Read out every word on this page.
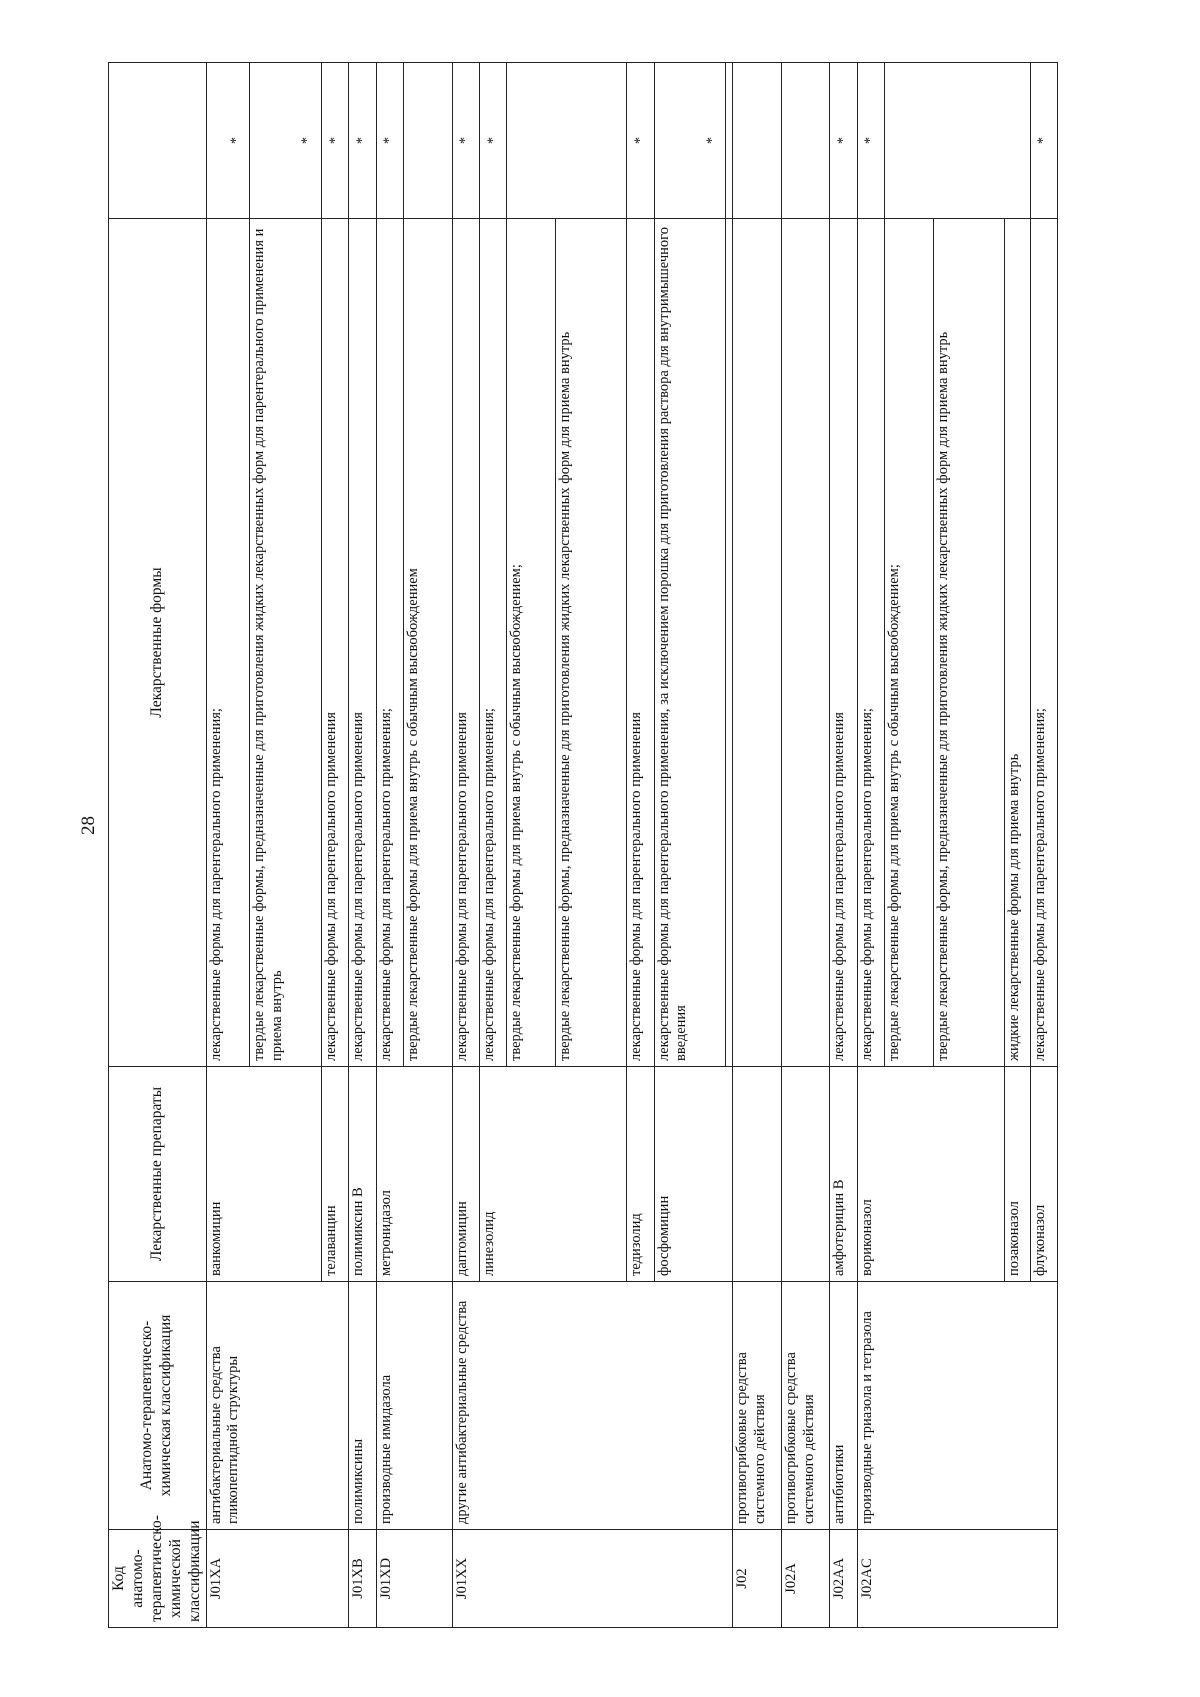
28
Код анатомо-терапевтическо-химической классификации	Анатомо-терапевтическо-химическая классификация	Лекарственные препараты	Лекарственные формы	
J01XA	антибактериальные средства гликопептидной структуры	ванкомицин	лекарственные формы для парентерального применения;	*
			твердые лекарственные формы, предназначенные для приготовления жидких лекарственных форм для парентерального применения и приема внутрь	*
		телаванцин	лекарственные формы для парентерального применения	*
J01XB	полимиксины	полимиксин B	лекарственные формы для парентерального применения	*
J01XD	производные имидазола	метронидазол	лекарственные формы для парентерального применения;	*
			твердые лекарственные формы для приема внутрь с обычным высвобождением	
J01XX	другие антибактериальные средства	даптомицин	лекарственные формы для парентерального применения	*
		линезолид	лекарственные формы для парентерального применения;	*
			твердые лекарственные формы для приема внутрь с обычным высвобождением;	
			твердые лекарственные формы, предназначенные для приготовления жидких лекарственных форм для приема внутрь	
		тедизолид	лекарственные формы для парентерального применения	*
		фосфомицин	лекарственные формы для парентерального применения, за исключением порошка для приготовления раствора для внутримышечного введения	*

J02	противогрибковые средства системного действия			
J02A	противогрибковые средства системного действия			
J02AA	антибиотики	амфотерицин B	лекарственные формы для парентерального применения	*
J02AC	производные триазола и тетразола	вориконазол	лекарственные формы для парентерального применения;	*
			твердые лекарственные формы для приема внутрь с обычным высвобождением;	
			твердые лекарственные формы, предназначенные для приготовления жидких лекарственных форм для приема внутрь	
		позаконазол	жидкие лекарственные формы для приема внутрь	
		флуконазол	лекарственные формы для парентерального применения;	*
